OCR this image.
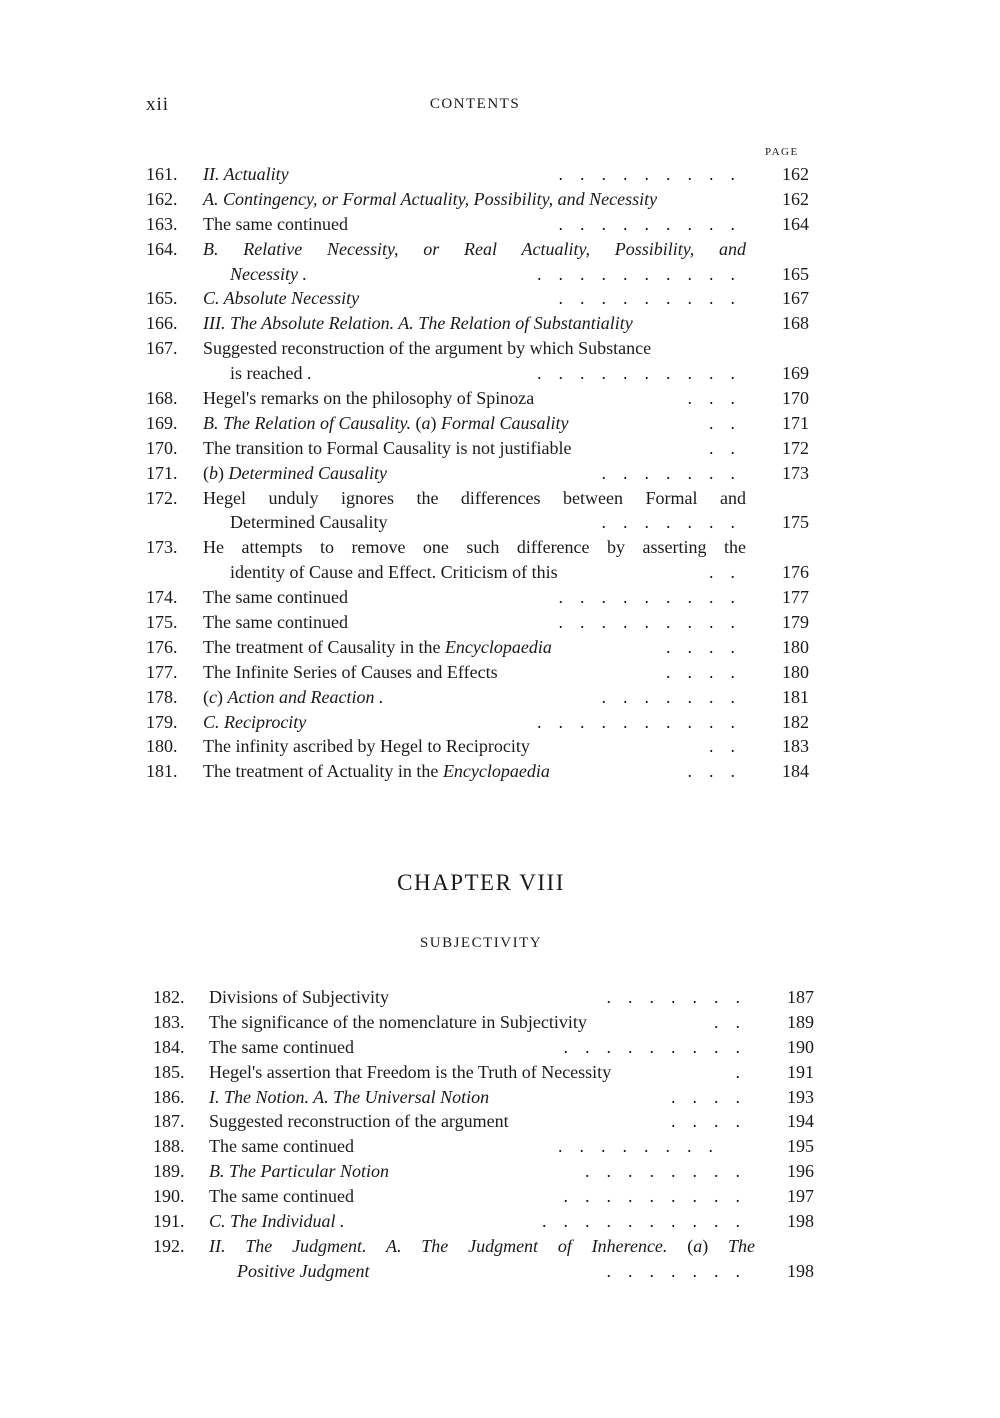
xii	CONTENTS
PAGE
161. II. Actuality	.........	162
162. A. Contingency, or Formal Actuality, Possibility, and Necessity	162
163. The same continued	.........	164
164. B. Relative Necessity, or Real Actuality, Possibility, and
Necessity .	..........	165
165. C. Absolute Necessity	.........	167
166. III. The Absolute Relation. A. The Relation of Substantiality	168
167. Suggested reconstruction of the argument by which Substance
is reached .	..........	169
168. Hegel's remarks on the philosophy of Spinoza	...	170
169. B. The Relation of Causality. (a) Formal Causality	..	171
170. The transition to Formal Causality is not justifiable	..	172
171. (b) Determined Causality	.......	173
172. Hegel unduly ignores the differences between Formal and
Determined Causality	.......	175
173. He attempts to remove one such difference by asserting the
identity of Cause and Effect. Criticism of this	..	176
174. The same continued	.........	177
175. The same continued	.........	179
176. The treatment of Causality in the Encyclopaedia	....	180
177. The Infinite Series of Causes and Effects	....	180
178. (c) Action and Reaction .	.......	181
179. C. Reciprocity	..........	182
180. The infinity ascribed by Hegel to Reciprocity	..	183
181. The treatment of Actuality in the Encyclopaedia	...	184
CHAPTER VIII
SUBJECTIVITY
182. Divisions of Subjectivity	.......	187
183. The significance of the nomenclature in Subjectivity	..	189
184. The same continued	.........	190
185. Hegel's assertion that Freedom is the Truth of Necessity	.	191
186. I. The Notion. A. The Universal Notion	....	193
187. Suggested reconstruction of the argument	....	194
188. The same continued	........	195
189. B. The Particular Notion	........	196
190. The same continued	.........	197
191. C. The Individual .	..........	198
192. II. The Judgment. A. The Judgment of Inherence. (a) The
Positive Judgment	.......	198
